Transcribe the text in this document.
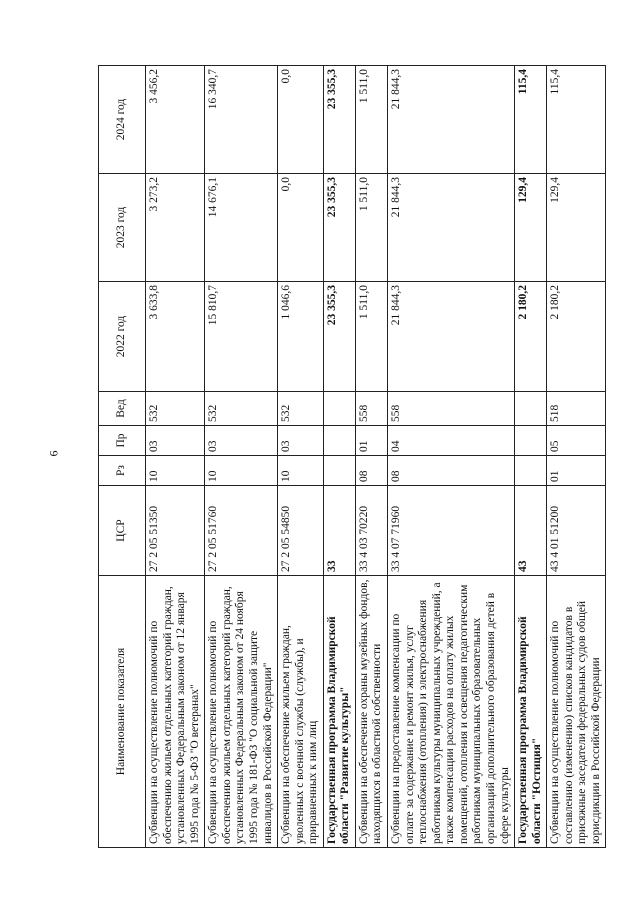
6
Наименование показателя	ЦСР	Рз	Пр	Вед	2022 год	2023 год	2024 год
Субвенции на осуществление полномочий по обеспечению жильем отдельных категорий граждан, установленных Федеральным законом от 12 января 1995 года № 5-ФЗ "О ветеранах"	27 2 05 51350	10	03	532	3 633,8	3 273,2	3 456,2
Субвенции на осуществление полномочий по обеспечению жильем отдельных категорий граждан, установленных Федеральным законом от 24 ноября 1995 года № 181-ФЗ "О социальной защите инвалидов в Российской Федерации"	27 2 05 51760	10	03	532	15 810,7	14 676,1	16 340,7
Субвенции на обеспечение жильем граждан, уволенных с военной службы (службы), и приравненных к ним лиц	27 2 05 54850	10	03	532	1 046,6	0,0	0,0
Государственная программа Владимирской области "Развитие культуры"	33				23 355,3	23 355,3	23 355,3
Субвенции на обеспечение охраны музейных фондов, находящихся в областной собственности	33 4 03 70220	08	01	558	1 511,0	1 511,0	1 511,0
Субвенции на предоставление компенсации по оплате за содержание и ремонт жилья, услуг теплоснабжения (отопления) и электроснабжения работникам культуры муниципальных учреждений, а также компенсации расходов на оплату жилых помещений, отопления и освещения педагогическим работникам муниципальных образовательных организаций дополнительного образования детей в сфере культуры	33 4 07 71960	08	04	558	21 844,3	21 844,3	21 844,3
Государственная программа Владимирской области "Юстиция"	43				2 180,2	129,4	115,4
Субвенции на осуществление полномочий по составлению (изменению) списков кандидатов в присяжные заседатели федеральных судов общей юрисдикции в Российской Федерации	43 4 01 51200	01	05	518	2 180,2	129,4	115,4
